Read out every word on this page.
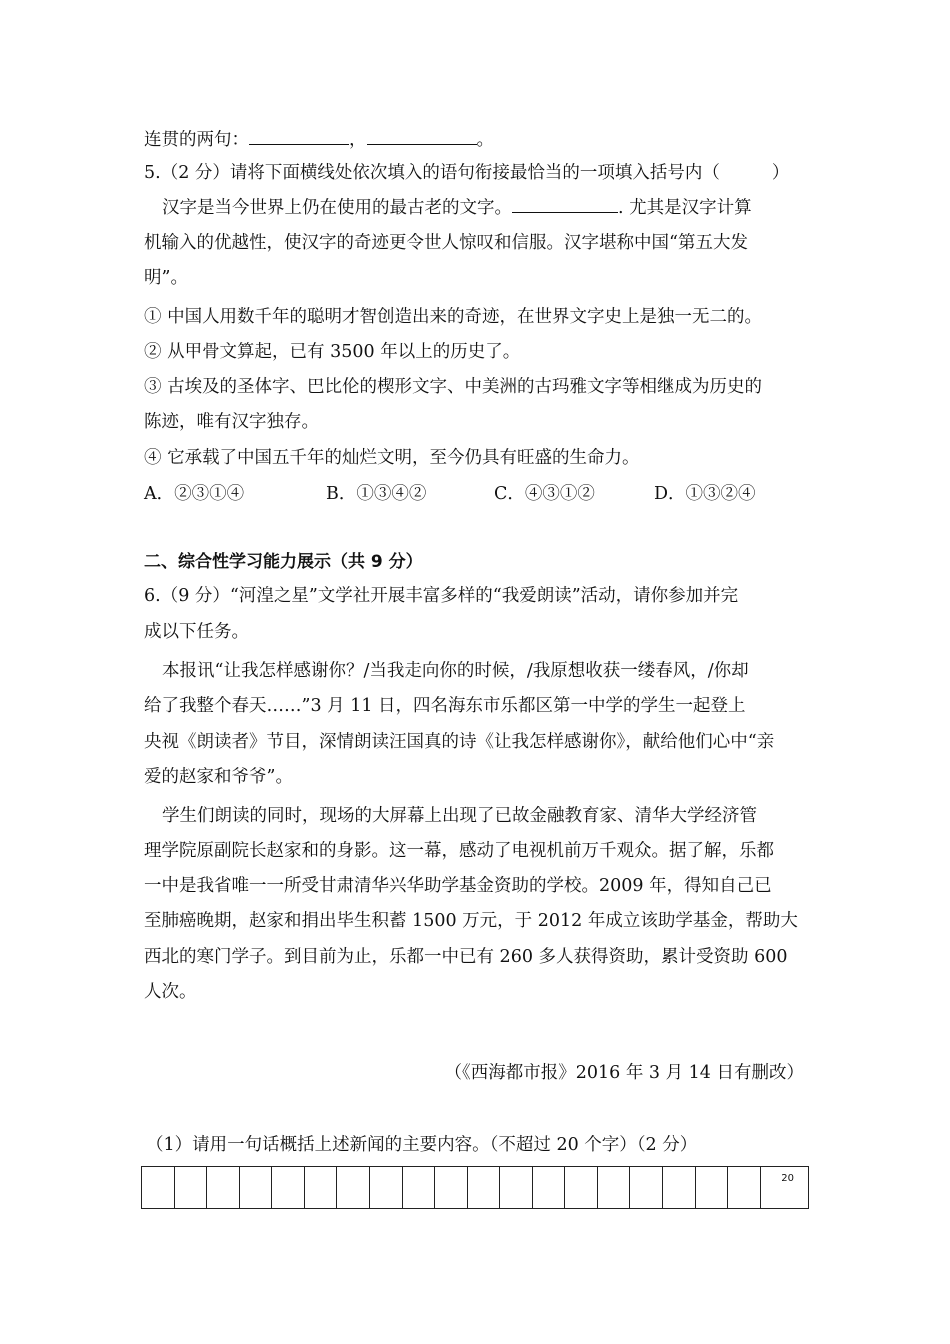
连贯的两句：	，	。
5.（2 分）请将下面横线处依次填入的语句衔接最恰当的一项填入括号内（	）
汉字是当今世界上仍在使用的最古老的文字。	. 尤其是汉字计算
机输入的优越性，使汉字的奇迹更令世人惊叹和信服。汉字堪称中国“第五大发
明”。
① 中国人用数千年的聪明才智创造出来的奇迹，在世界文字史上是独一无二的。
② 从甲骨文算起，已有 3500 年以上的历史了。
③ 古埃及的圣体字、巴比伦的楔形文字、中美洲的古玛雅文字等相继成为历史的
陈迹，唯有汉字独存。
④ 它承载了中国五千年的灿烂文明，至今仍具有旺盛的生命力。
A．②③①④	B．①③④②	C．④③①②	D．①③②④
二、综合性学习能力展示（共 9 分）
6.（9 分）“河湟之星”文学社开展丰富多样的“我爱朗读”活动，请你参加并完
成以下任务。
本报讯“让我怎样感谢你？/当我走向你的时候，/我原想收获一缕春风，/你却
给了我整个春天……”3 月 11 日，四名海东市乐都区第一中学的学生一起登上
央视《朗读者》节目，深情朗读汪国真的诗《让我怎样感谢你》，献给他们心中“亲
爱的赵家和爷爷”。
学生们朗读的同时，现场的大屏幕上出现了已故金融教育家、清华大学经济管
理学院原副院长赵家和的身影。这一幕，感动了电视机前万千观众。据了解，乐都
一中是我省唯一一所受甘肃清华兴华助学基金资助的学校。2009 年，得知自己已
至肺癌晚期，赵家和捐出毕生积蓄 1500 万元，于 2012 年成立该助学基金，帮助大
西北的寒门学子。到目前为止，乐都一中已有 260 多人获得资助，累计受资助 600
人次。
（《西海都市报》2016 年 3 月 14 日有删改）
（1）请用一句话概括上述新闻的主要内容。（不超过 20 个字）（2 分）
20
